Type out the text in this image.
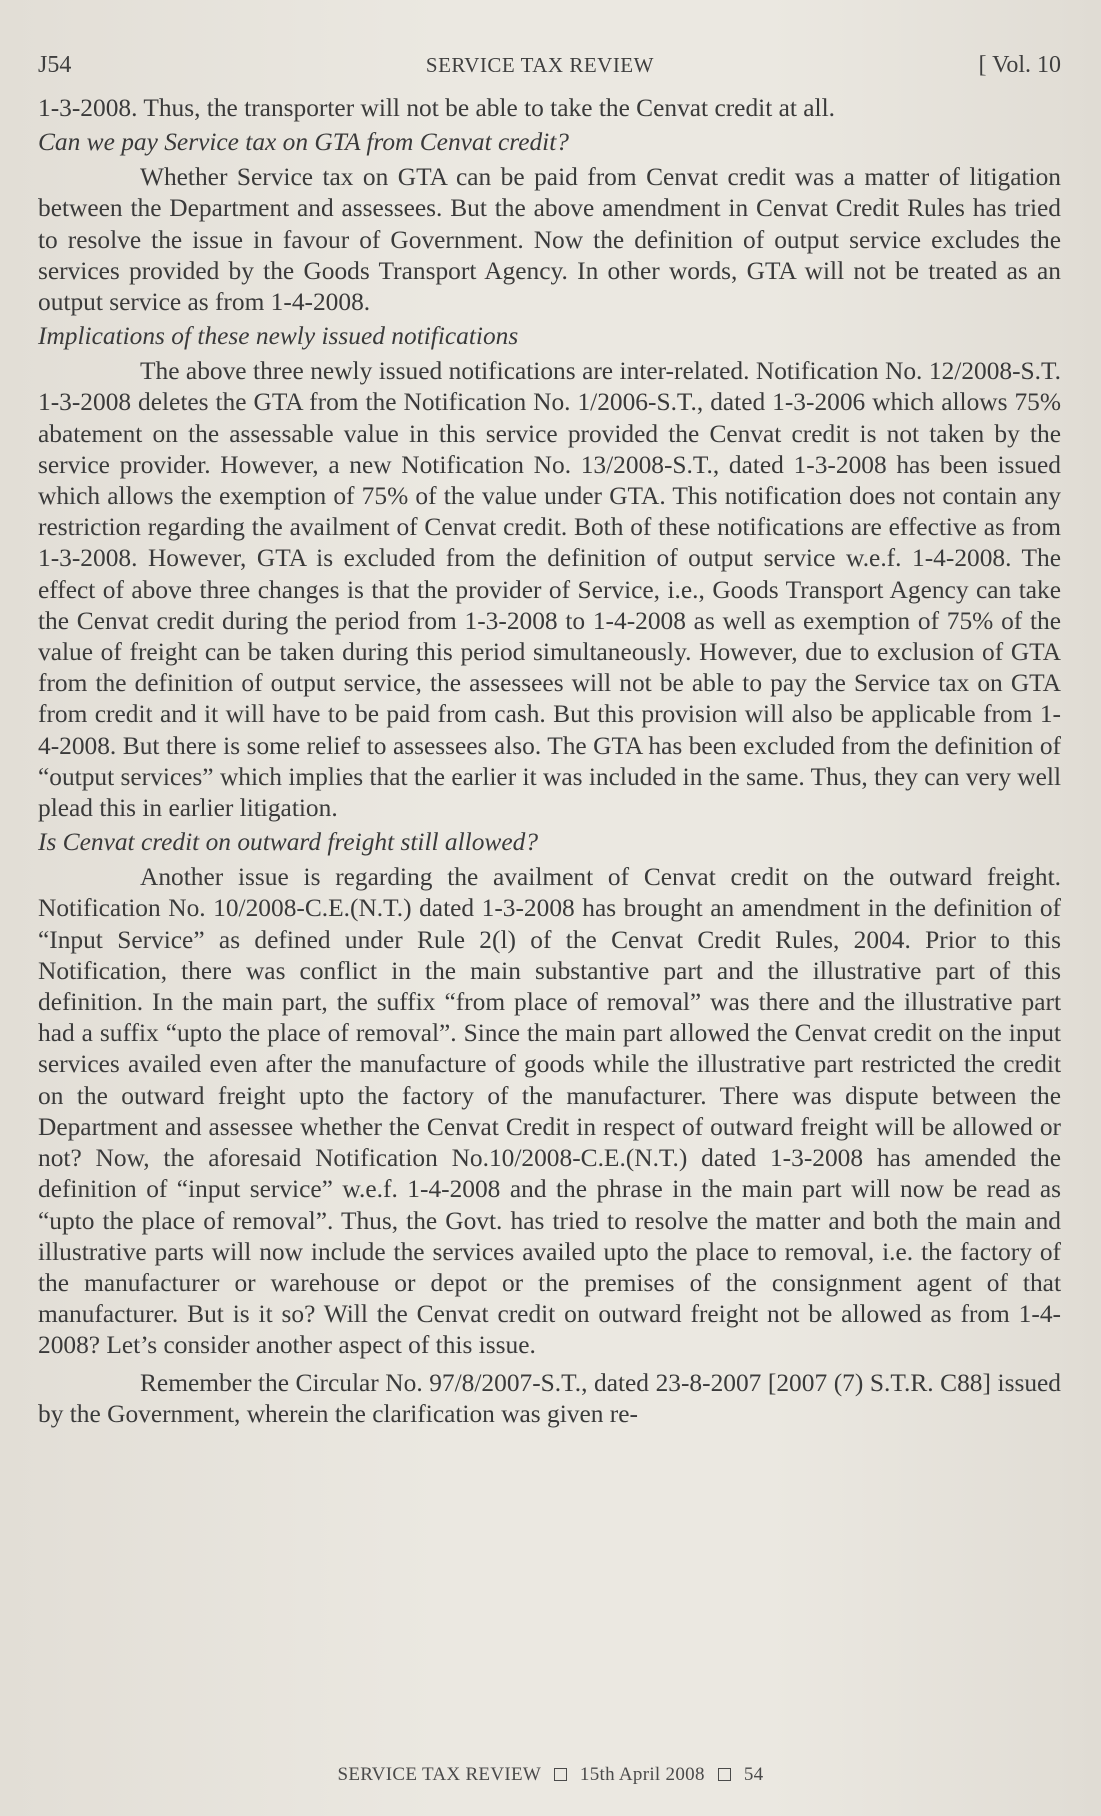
J54	SERVICE TAX REVIEW	[ Vol. 10

1-3-2008. Thus, the transporter will not be able to take the Cenvat credit at all.

Can we pay Service tax on GTA from Cenvat credit?

Whether Service tax on GTA can be paid from Cenvat credit was a matter of litigation between the Department and assessees. But the above amendment in Cenvat Credit Rules has tried to resolve the issue in favour of Government. Now the definition of output service excludes the services provided by the Goods Transport Agency. In other words, GTA will not be treated as an output service as from 1-4-2008.

Implications of these newly issued notifications

The above three newly issued notifications are inter-related. Notification No. 12/2008-S.T. 1-3-2008 deletes the GTA from the Notification No. 1/2006-S.T., dated 1-3-2006 which allows 75% abatement on the assessable value in this service provided the Cenvat credit is not taken by the service provider. However, a new Notification No. 13/2008-S.T., dated 1-3-2008 has been issued which allows the exemption of 75% of the value under GTA. This notification does not contain any restriction regarding the availment of Cenvat credit. Both of these notifications are effective as from 1-3-2008. However, GTA is excluded from the definition of output service w.e.f. 1-4-2008. The effect of above three changes is that the provider of Service, i.e., Goods Transport Agency can take the Cenvat credit during the period from 1-3-2008 to 1-4-2008 as well as exemption of 75% of the value of freight can be taken during this period simultaneously. However, due to exclusion of GTA from the definition of output service, the assessees will not be able to pay the Service tax on GTA from credit and it will have to be paid from cash. But this provision will also be applicable from 1-4-2008. But there is some relief to assessees also. The GTA has been excluded from the definition of “output services” which implies that the earlier it was included in the same. Thus, they can very well plead this in earlier litigation.

Is Cenvat credit on outward freight still allowed?

Another issue is regarding the availment of Cenvat credit on the outward freight. Notification No. 10/2008-C.E.(N.T.) dated 1-3-2008 has brought an amendment in the definition of “Input Service” as defined under Rule 2(l) of the Cenvat Credit Rules, 2004. Prior to this Notification, there was conflict in the main substantive part and the illustrative part of this definition. In the main part, the suffix “from place of removal” was there and the illustrative part had a suffix “upto the place of removal”. Since the main part allowed the Cenvat credit on the input services availed even after the manufacture of goods while the illustrative part restricted the credit on the outward freight upto the factory of the manufacturer. There was dispute between the Department and assessee whether the Cenvat Credit in respect of outward freight will be allowed or not? Now, the aforesaid Notification No.10/2008-C.E.(N.T.) dated 1-3-2008 has amended the definition of “input service” w.e.f. 1-4-2008 and the phrase in the main part will now be read as “upto the place of removal”. Thus, the Govt. has tried to resolve the matter and both the main and illustrative parts will now include the services availed upto the place to removal, i.e. the factory of the manufacturer or warehouse or depot or the premises of the consignment agent of that manufacturer. But is it so? Will the Cenvat credit on outward freight not be allowed as from 1-4-2008? Let’s consider another aspect of this issue.

Remember the Circular No. 97/8/2007-S.T., dated 23-8-2007 [2007 (7) S.T.R. C88] issued by the Government, wherein the clarification was given re-

SERVICE TAX REVIEW 15th April 2008 54
